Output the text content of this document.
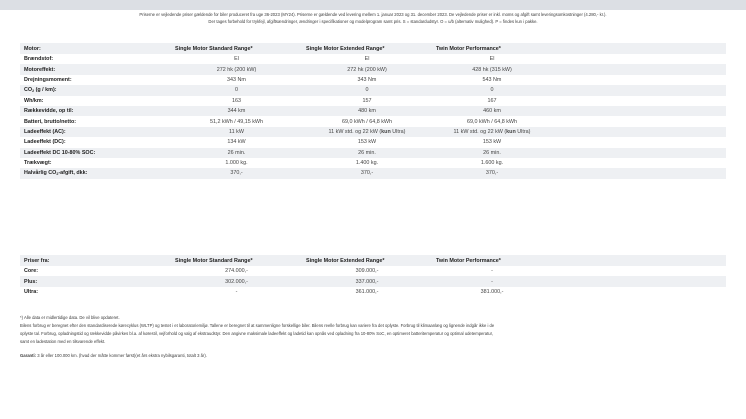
Priserne er vejledende priser gældende for biler produceret fra uge 36-2023 (MY24). Priserne er gældende ved levering mellem 1. januar 2023 og 31. december 2023. De vejledende priser er inkl. moms og afgift samt leveringsomkostninger (4.280,- kr.).
Der tages forbehold for trykfejl, afgiftsændringer, ændringer i specifikationer og modelprogram samt pris. S = standardudstyr. O = u/b (alternativ mulighed). P = findes kun i pakke.
Motor:	Single Motor Standard Range*	Single Motor Extended Range*	Twin Motor Performance*	
Brændstof:	El	El	El	
Motoreffekt:	272 hk (200 kW)	272 hk (200 kW)	428 hk (315 kW)	
Drejningsmoment:	343 Nm	343 Nm	543 Nm	
$CO_2$ (g / km):	0	0	0	
Wh/km:	163	157	167	
Rækkevidde, op til:	344 km	480 km	460 km	
Batteri, brutto/netto:	51,2 kWh / 49,15 kWh	69,0 kWh / 64,8 kWh	69,0 kWh / 64,8 kWh	
Ladeeffekt (AC):	11 kW	11 kW std. og 22 kW (kun Ultra)	11 kW std. og 22 kW (kun Ultra)	
Ladeeffekt (DC):	134 kW	153 kW	153 kW	
Ladeeffekt DC 10-80% SOC:	26 min.	26 min.	26 min.	
Trækvægt:	1.000 kg.	1.400 kg.	1.600 kg.	
Halvårlig $CO_2$-afgift, dkk:	370,-	370,-	370,-	
Priser fra:	Single Motor Standard Range*	Single Motor Extended Range*	Twin Motor Performance*	
Core:	274.000,-	309.000,-	-	
Plus:	302.000,-	337.000,-	-	
Ultra:	-	361.000,-	381.000,-	

*) Alle data er midlertidige data. De vil blive opdateret.

Bilens forbrug er beregnet efter den standardiserede kørecyklus (WLTP) og testet i et laboratoriemiljø. Tallene er beregnet til at sammenligne forskellige biler. Bilens reelle forbrug kan variere fra det oplyste. Forbrug til klimaanlæg og lignende indgår ikke i de

oplyste tal. Forbrug, opladningstid og rækkevidde påvirkes bl.a. af kørestil, vejforhold og valg af ekstraudstyr. Den angivne maksimale ladeeffekt og ladetid kan opnås ved opladning fra 10-80% SoC, en optimeret batteritemperatur og optimal udetemperatur,

samt en ladestation med en tilsvarende effekt.

Garanti: 3 år eller 100.000 km. (hvad der måtte kommer først)(et års ekstra nybilsgaranti, totalt 3 år).
